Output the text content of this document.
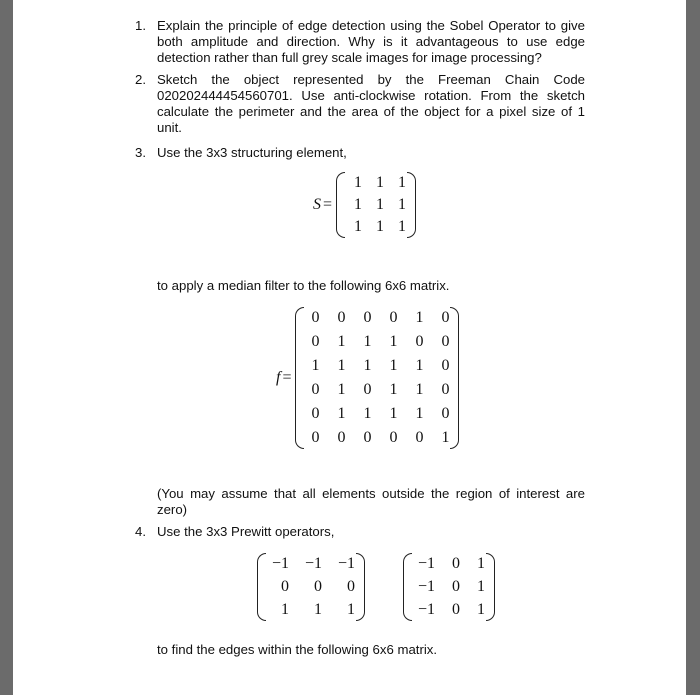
1. Explain the principle of edge detection using the Sobel Operator to give both amplitude and direction. Why is it advantageous to use edge detection rather than full grey scale images for image processing?
2. Sketch the object represented by the Freeman Chain Code 020202444454560701. Use anti-clockwise rotation. From the sketch calculate the perimeter and the area of the object for a pixel size of 1 unit.
3. Use the 3x3 structuring element,
S =
1 1 1
1 1 1
1 1 1
to apply a median filter to the following 6x6 matrix.
f =
0	0	0	0	1	0
0	1	1	1	0	0
1	1	1	1	1	0
0	1	0	1	1	0
0	1	1	1	1	0
0	0	0	0	0	1
(You may assume that all elements outside the region of interest are zero)
4. Use the 3x3 Prewitt operators,
−1 −1 −1
0	0	0
1	1	1
−1	0	1
−1	0	1
−1	0	1
to find the edges within the following 6x6 matrix.
